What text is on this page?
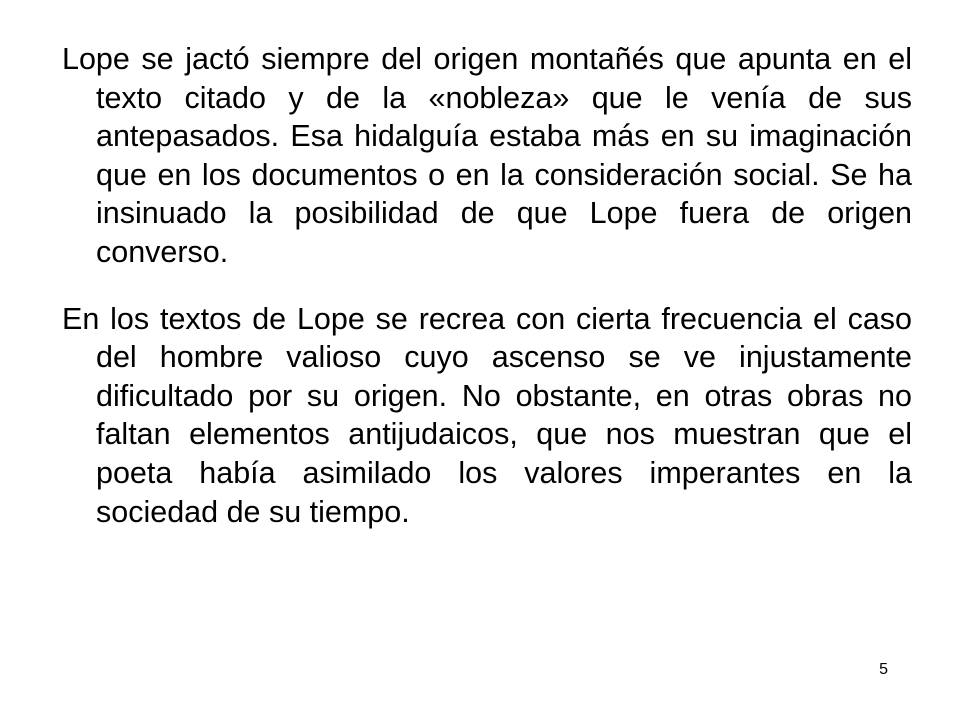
Lope se jactó siempre del origen montañés que apunta en el texto citado y de la «nobleza» que le venía de sus antepasados. Esa hidalguía estaba más en su imaginación que en los documentos o en la consideración social. Se ha insinuado la posibilidad de que Lope fuera de origen converso.

En los textos de Lope se recrea con cierta frecuencia el caso del hombre valioso cuyo ascenso se ve injustamente dificultado por su origen. No obstante, en otras obras no faltan elementos antijudaicos, que nos muestran que el poeta había asimilado los valores imperantes en la sociedad de su tiempo.

5
